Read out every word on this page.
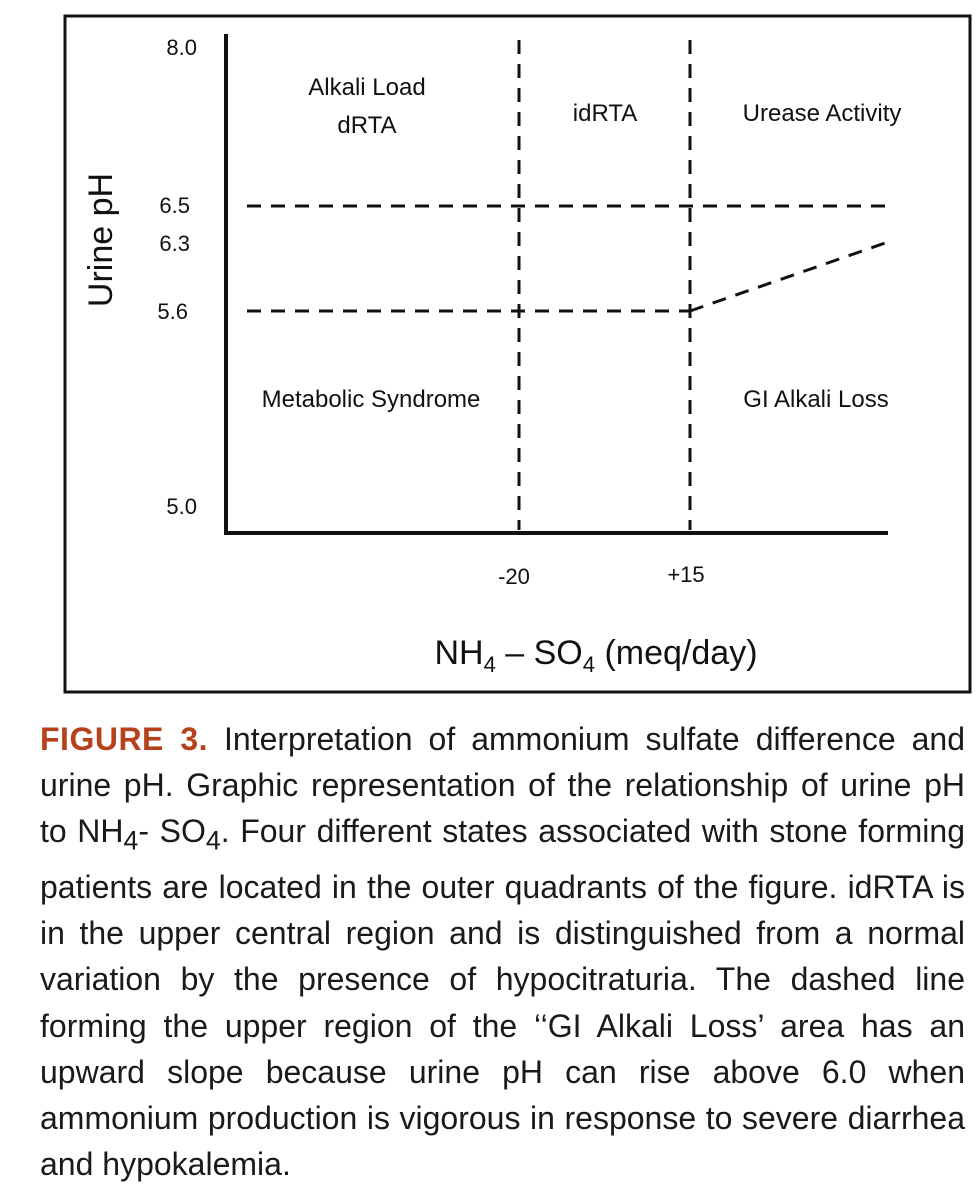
Urine pH
8.0
6.5
6.3
5.6
5.0
-20	+15
$NH_4 - SO_4$ (meq/day)
Alkali Load
dRTA	idRTA	Urease Activity
Metabolic Syndrome	GI Alkali Loss
FIGURE 3. Interpretation of ammonium sulfate difference and urine pH. Graphic representation of the relationship of urine pH to $NH_4-$ $SO_4$. Four different states associated with stone forming patients are located in the outer quadrants of the figure. idRTA is in the upper central region and is distinguished from a normal variation by the presence of hypocitraturia. The dashed line forming the upper region of the ‘‘GI Alkali Loss’ area has an upward slope because urine pH can rise above 6.0 when ammonium production is vigorous in response to severe diarrhea and hypokalemia.
